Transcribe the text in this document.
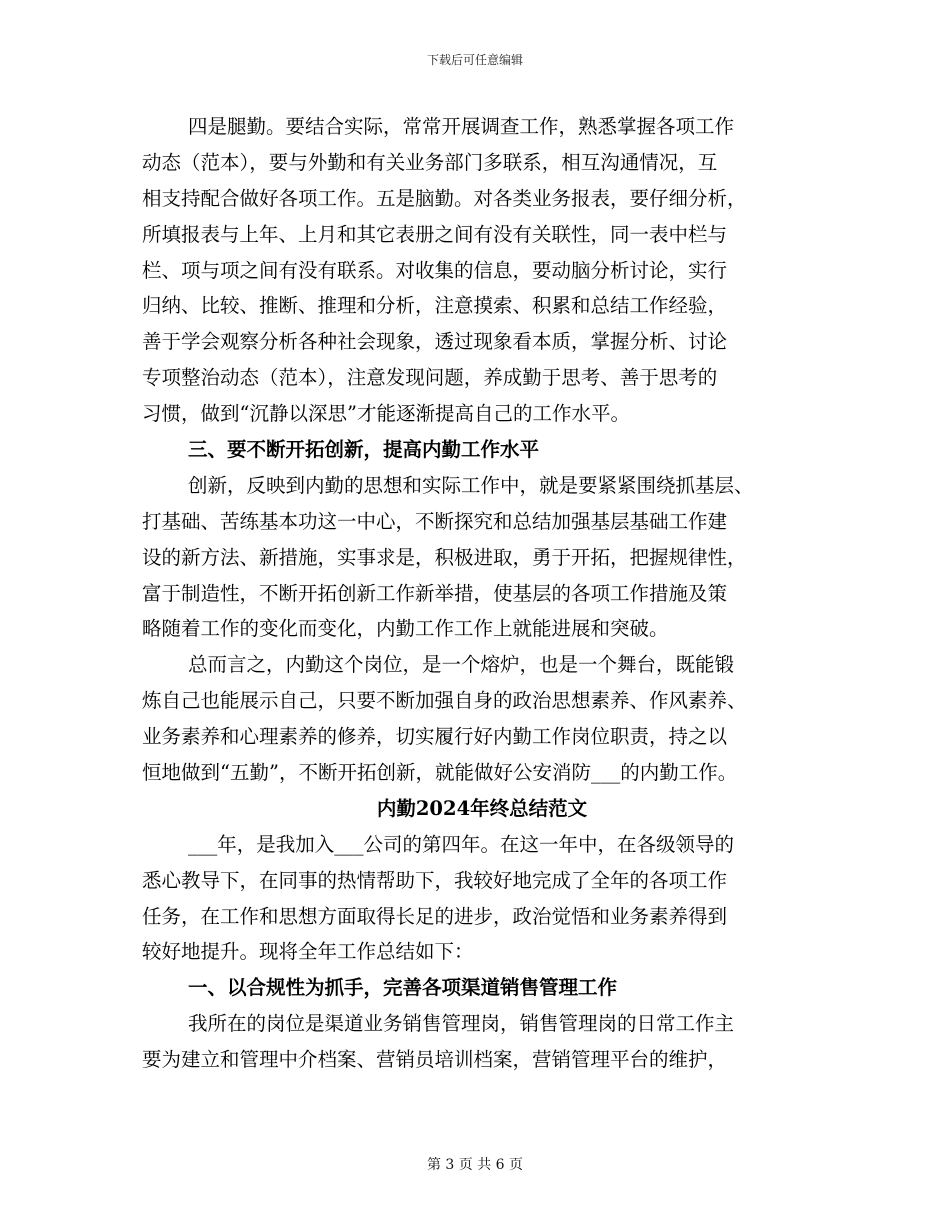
下载后可任意编辑
四是腿勤。要结合实际，常常开展调查工作，熟悉掌握各项工作
动态（范本），要与外勤和有关业务部门多联系，相互沟通情况，互
相支持配合做好各项工作。五是脑勤。对各类业务报表，要仔细分析，
所填报表与上年、上月和其它表册之间有没有关联性，同一表中栏与
栏、项与项之间有没有联系。对收集的信息，要动脑分析讨论，实行
归纳、比较、推断、推理和分析，注意摸索、积累和总结工作经验，
善于学会观察分析各种社会现象，透过现象看本质，掌握分析、讨论
专项整治动态（范本），注意发现问题，养成勤于思考、善于思考的
习惯，做到“沉静以深思”才能逐渐提高自己的工作水平。
三、要不断开拓创新，提高内勤工作水平
创新，反映到内勤的思想和实际工作中，就是要紧紧围绕抓基层、
打基础、苦练基本功这一中心，不断探究和总结加强基层基础工作建
设的新方法、新措施，实事求是，积极进取，勇于开拓，把握规律性，
富于制造性，不断开拓创新工作新举措，使基层的各项工作措施及策
略随着工作的变化而变化，内勤工作工作上就能进展和突破。
总而言之，内勤这个岗位，是一个熔炉，也是一个舞台，既能锻
炼自己也能展示自己，只要不断加强自身的政治思想素养、作风素养、
业务素养和心理素养的修养，切实履行好内勤工作岗位职责，持之以
恒地做到“五勤”，不断开拓创新，就能做好公安消防___的内勤工作。
内勤2024年终总结范文
___年，是我加入___公司的第四年。在这一年中，在各级领导的
悉心教导下，在同事的热情帮助下，我较好地完成了全年的各项工作
任务，在工作和思想方面取得长足的进步，政治觉悟和业务素养得到
较好地提升。现将全年工作总结如下：
一、以合规性为抓手，完善各项渠道销售管理工作
我所在的岗位是渠道业务销售管理岗，销售管理岗的日常工作主
要为建立和管理中介档案、营销员培训档案，营销管理平台的维护，
第 3 页 共 6 页
